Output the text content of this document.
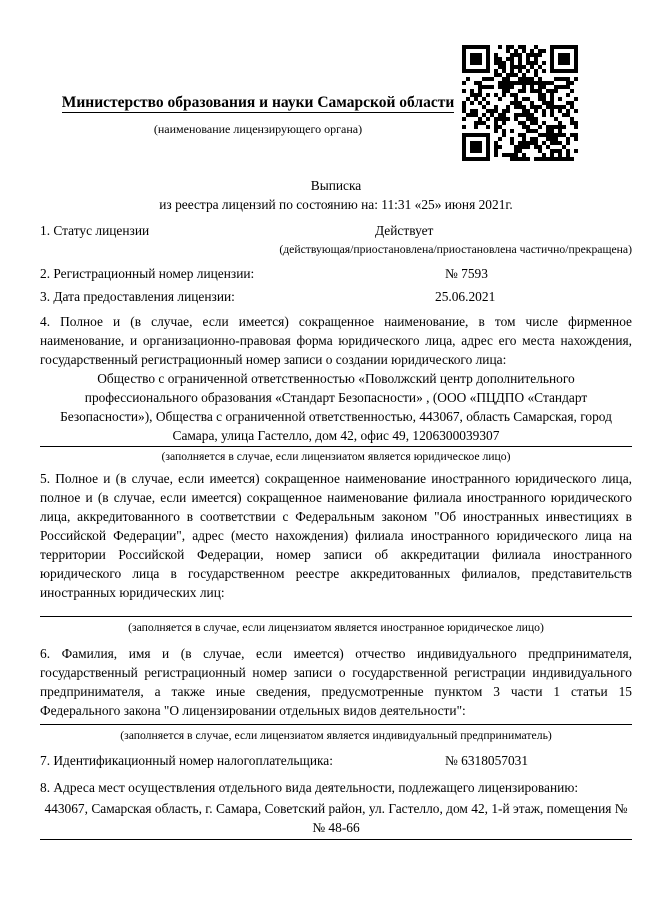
Министерство образования и науки Самарской области
(наименование лицензирующего органа)
Выписка
из реестра лицензий по состоянию на: 11:31 «25» июня 2021г.
1. Статус лицензии	Действует
(действующая/приостановлена/приостановлена частично/прекращена)
2. Регистрационный номер лицензии:	№ 7593
3. Дата предоставления лицензии:	25.06.2021

4. Полное и (в случае, если имеется) сокращенное наименование, в том числе фирменное наименование, и организационно-правовая форма юридического лица, адрес его места нахождения, государственный регистрационный номер записи о создании юридического лица:

Общество с ограниченной ответственностью «Поволжский центр дополнительного профессионального образования «Стандарт Безопасности» , (ООО «ПЦДПО «Стандарт Безопасности»), Общества с ограниченной ответственностью, 443067, область Самарская, город Самара, улица Гастелло, дом 42, офис 49, 1206300039307
(заполняется в случае, если лицензиатом является юридическое лицо)

5. Полное и (в случае, если имеется) сокращенное наименование иностранного юридического лица, полное и (в случае, если имеется) сокращенное наименование филиала иностранного юридического лица, аккредитованного в соответствии с Федеральным законом "Об иностранных инвестициях в Российской Федерации", адрес (место нахождения) филиала иностранного юридического лица на территории Российской Федерации, номер записи об аккредитации филиала иностранного юридического лица в государственном реестре аккредитованных филиалов, представительств иностранных юридических лиц:

(заполняется в случае, если лицензиатом является иностранное юридическое лицо)

6. Фамилия, имя и (в случае, если имеется) отчество индивидуального предпринимателя, государственный регистрационный номер записи о государственной регистрации индивидуального предпринимателя, а также иные сведения, предусмотренные пунктом 3 части 1 статьи 15 Федерального закона "О лицензировании отдельных видов деятельности":

(заполняется в случае, если лицензиатом является индивидуальный предприниматель)
7. Идентификационный номер налогоплательщика:	№ 6318057031
8. Адреса мест осуществления отдельного вида деятельности, подлежащего лицензированию:
443067, Самарская область, г. Самара, Советский район, ул. Гастелло, дом 42, 1-й этаж, помещения №№ 48-66
